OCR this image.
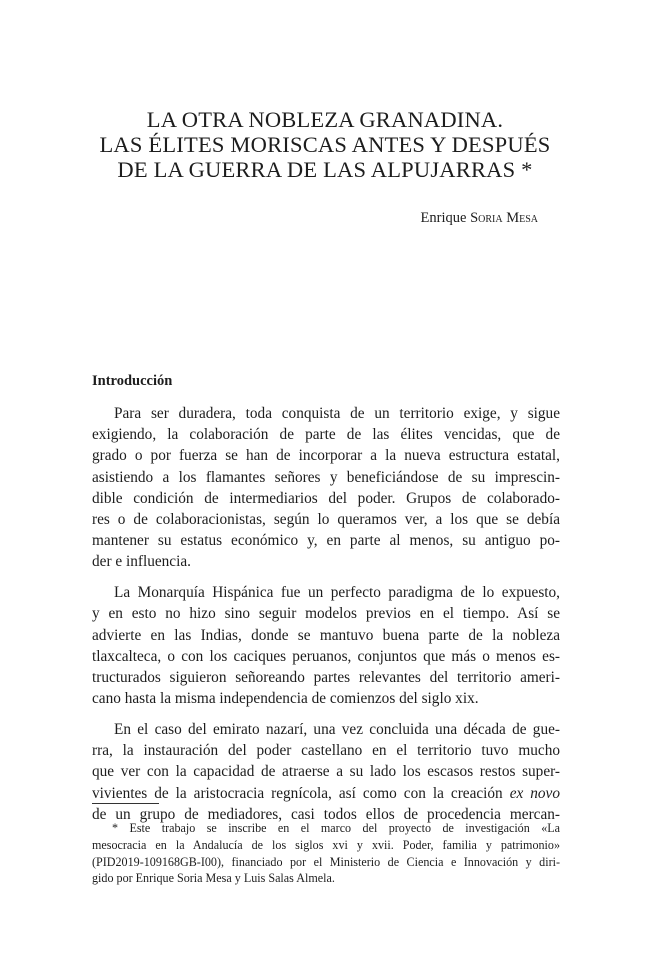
LA OTRA NOBLEZA GRANADINA.
LAS ÉLITES MORISCAS ANTES Y DESPUÉS
DE LA GUERRA DE LAS ALPUJARRAS *
Enrique Soria Mesa
Introducción

Para ser duradera, toda conquista de un territorio exige, y sigue
exigiendo, la colaboración de parte de las élites vencidas, que de
grado o por fuerza se han de incorporar a la nueva estructura estatal,
asistiendo a los flamantes señores y beneficiándose de su imprescin-
dible condición de intermediarios del poder. Grupos de colaborado-
res o de colaboracionistas, según lo queramos ver, a los que se debía
mantener su estatus económico y, en parte al menos, su antiguo po-
der e influencia.

La Monarquía Hispánica fue un perfecto paradigma de lo expuesto,
y en esto no hizo sino seguir modelos previos en el tiempo. Así se
advierte en las Indias, donde se mantuvo buena parte de la nobleza
tlaxcalteca, o con los caciques peruanos, conjuntos que más o menos es-
tructurados siguieron señoreando partes relevantes del territorio ameri-
cano hasta la misma independencia de comienzos del siglo xix.

En el caso del emirato nazarí, una vez concluida una década de gue-
rra, la instauración del poder castellano en el territorio tuvo mucho
que ver con la capacidad de atraerse a su lado los escasos restos super-
vivientes de la aristocracia regnícola, así como con la creación ex novo
de un grupo de mediadores, casi todos ellos de procedencia mercan-

* Este trabajo se inscribe en el marco del proyecto de investigación «La
mesocracia en la Andalucía de los siglos xvi y xvii. Poder, familia y patrimonio»
(PID2019-109168GB-I00), financiado por el Ministerio de Ciencia e Innovación y diri-
gido por Enrique Soria Mesa y Luis Salas Almela.
